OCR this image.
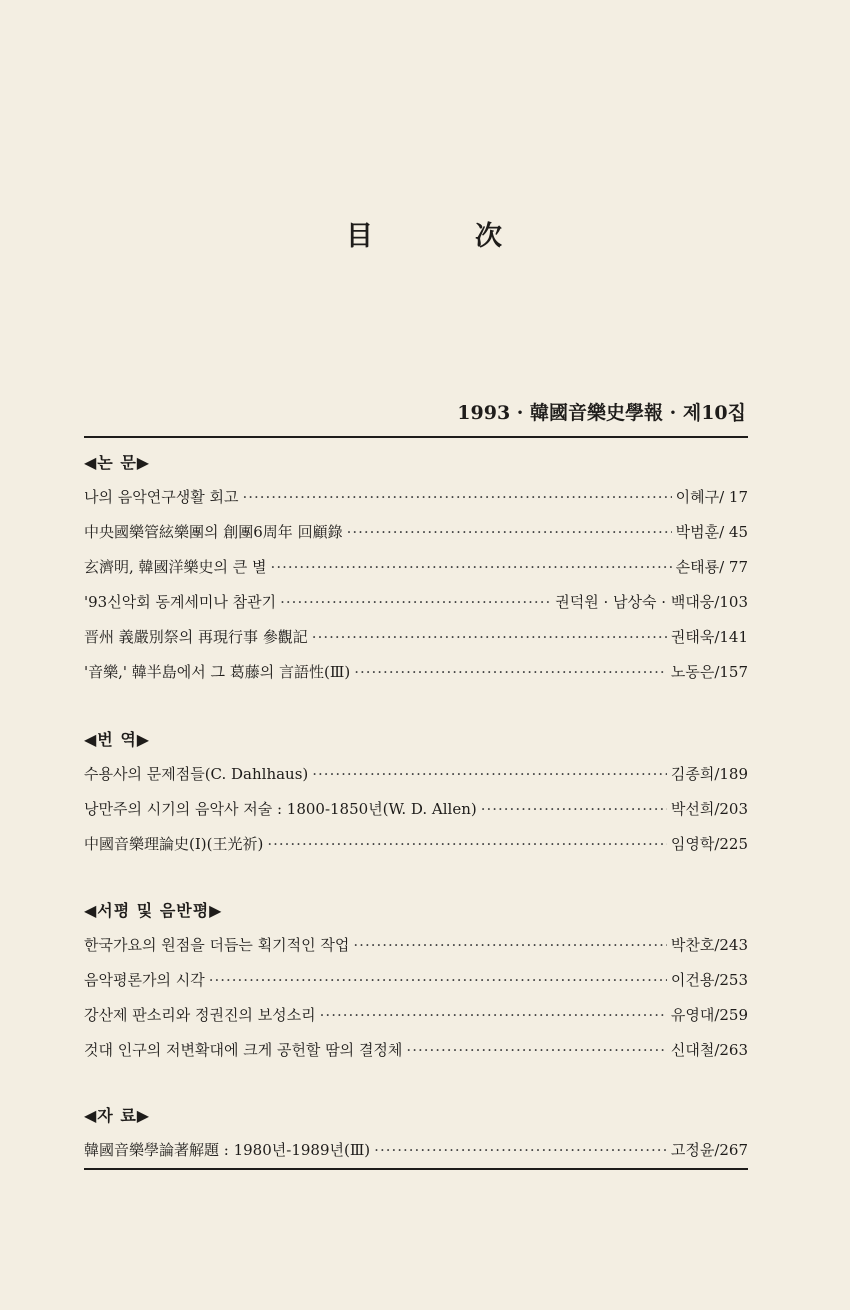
目	次
1993 · 韓國音樂史學報 · 제10집
◀논 문▶
나의 음악연구생활 회고 ·····	이혜구/ 17
中央國樂管絃樂團의 創團6周年 回顧錄 ·····	박범훈/ 45
玄濟明, 韓國洋樂史의 큰 별 ·····	손태룡/ 77
'93신악회 동계세미나 참관기 ·····	권덕원 · 남상숙 · 백대웅/103
晋州 義嚴別祭의 再現行事 參觀記 ·····	권태욱/141
'音樂,' 韓半島에서 그 葛藤의 言語性(Ⅲ) ·····	노동은/157
◀번 역▶
수용사의 문제점들(C. Dahlhaus) ·····	김종희/189
낭만주의 시기의 음악사 저술 : 1800-1850년(W. D. Allen) ·····	박선희/203
中國音樂理論史(Ⅰ)(王光祈) ·····	임영학/225
◀서평 및 음반평▶
한국가요의 원점을 더듬는 획기적인 작업 ·····	박찬호/243
음악평론가의 시각 ·····	이건용/253
강산제 판소리와 정권진의 보성소리 ·····	유영대/259
것대 인구의 저변확대에 크게 공헌할 땀의 결정체 ·····	신대철/263
◀자 료▶
韓國音樂學論著解題 : 1980년-1989년(Ⅲ) ·····	고정윤/267
